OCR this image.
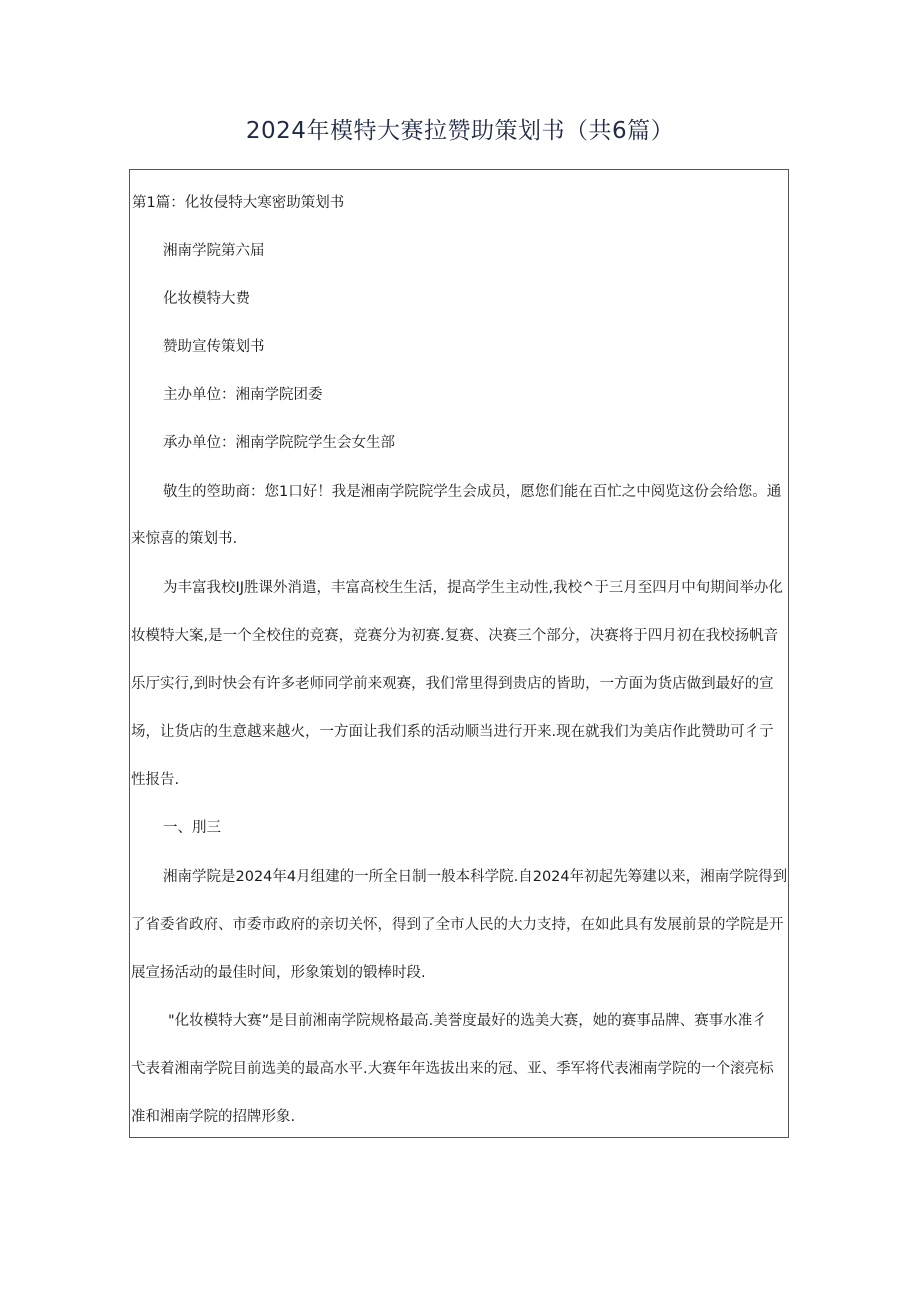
2024年模特大赛拉赞助策划书（共6篇）
第1篇：化妆侵特大寒密助策划书
湘南学院第六届
化妆模特大费
赞助宣传策划书
主办单位：湘南学院团委
承办单位：湘南学院院学生会女生部
敬生的箜助商：您1口好！我是湘南学院院学生会成员，愿您们能在百忙之中阅览这份会给您。通
来惊喜的策划书.
为丰富我校IJ胜课外消遣，丰富高校生生活，提高学生主动性,我校^于三月至四月中旬期间举办化
妆模特大案,是一个全校住的竞赛，竞赛分为初赛.复赛、决赛三个部分，决赛将于四月初在我校扬帆音
乐厅实行,到时快会有许多老师同学前来观赛，我们常里得到贵店的皆助，一方面为货店做到最好的宣
场，让货店的生意越来越火，一方面让我们系的活动顺当进行开来.现在就我们为美店作此赞助可彳亍
性报告.
一、刖三
湘南学院是2024年4月组建的一所全日制一般本科学院.自2024年初起先筹建以来，湘南学院得到
了省委省政府、市委市政府的亲切关怀，得到了全市人民的大力支持，在如此具有发展前景的学院是开
展宣扬活动的最佳时间，形象策划的锻棒时段.
"化妆模特大赛”是目前湘南学院规格最高.美誉度最好的选美大赛，她的赛事品牌、赛事水准彳
弋表着湘南学院目前选美的最高水平.大赛年年选拔出来的冠、亚、季军将代表湘南学院的一个滚亮标
准和湘南学院的招牌形象.
